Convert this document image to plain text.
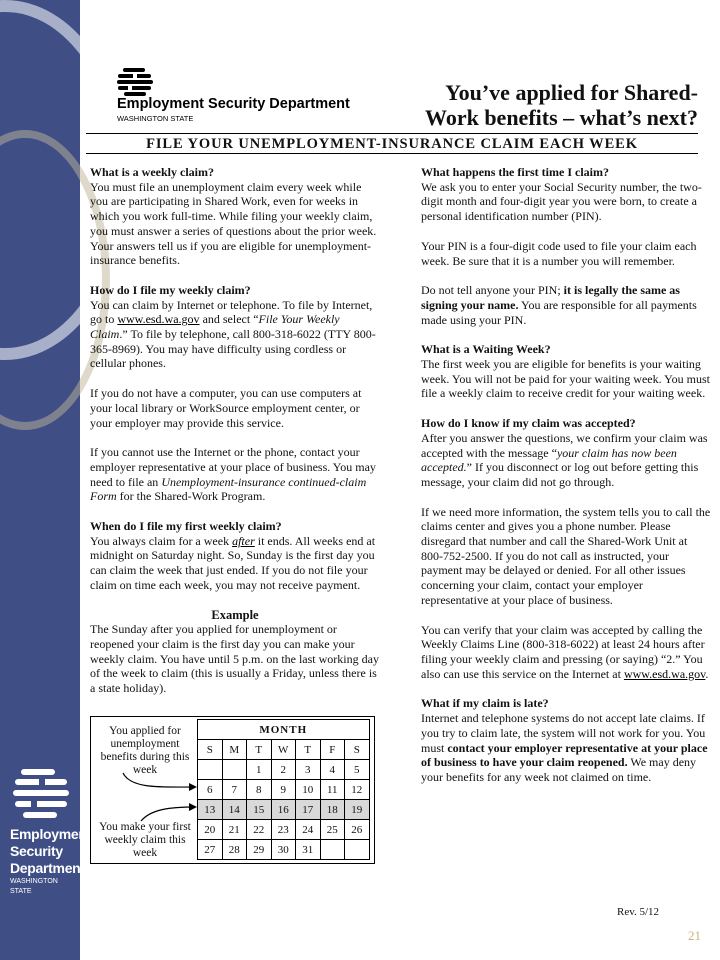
Employment
Security
Department
WASHINGTON STATE
Employment Security Department
WASHINGTON STATE
You’ve applied for Shared-
Work benefits – what’s next?
FILE YOUR UNEMPLOYMENT-INSURANCE CLAIM EACH WEEK
What is a weekly claim?

You must file an unemployment claim every week while you are participating in Shared Work, even for weeks in which you work full-time. While filing your weekly claim, you must answer a series of questions about the prior week. Your answers tell us if you are eligible for unemployment-insurance benefits.

How do I file my weekly claim?

You can claim by Internet or telephone. To file by Internet, go to www.esd.wa.gov and select “File Your Weekly Claim.” To file by telephone, call 800-318-6022 (TTY 800-365-8969). You may have difficulty using cordless or cellular phones.

If you do not have a computer, you can use computers at your local library or WorkSource employment center, or your employer may provide this service.

If you cannot use the Internet or the phone, contact your employer representative at your place of business. You may need to file an Unemployment-insurance continued-claim Form for the Shared-Work Program.

When do I file my first weekly claim?

You always claim for a week after it ends. All weeks end at midnight on Saturday night. So, Sunday is the first day you can claim the week that just ended. If you do not file your claim on time each week, you may not receive payment.

Example

The Sunday after you applied for unemployment or reopened your claim is the first day you can make your weekly claim. You have until 5 p.m. on the last working day of the week to claim (this is usually a Friday, unless there is a state holiday).

You applied for unemployment benefits during this week
You make your first weekly claim this week
MONTH						
S	M	T	W	T	F	S
		1	2	3	4	5
6	7	8	9	10	11	12
13	14	15	16	17	18	19
20	21	22	23	24	25	26
27	28	29	30	31		
What happens the first time I claim?

We ask you to enter your Social Security number, the two-digit month and four-digit year you were born, to create a personal identification number (PIN).

Your PIN is a four-digit code used to file your claim each week. Be sure that it is a number you will remember.

Do not tell anyone your PIN; it is legally the same as signing your name. You are responsible for all payments made using your PIN.

What is a Waiting Week?

The first week you are eligible for benefits is your waiting week. You will not be paid for your waiting week. You must file a weekly claim to receive credit for your waiting week.

How do I know if my claim was accepted?

After you answer the questions, we confirm your claim was accepted with the message “your claim has now been accepted.” If you disconnect or log out before getting this message, your claim did not go through.

If we need more information, the system tells you to call the claims center and gives you a phone number. Please disregard that number and call the Shared-Work Unit at 800-752-2500. If you do not call as instructed, your payment may be delayed or denied. For all other issues concerning your claim, contact your employer representative at your place of business.

You can verify that your claim was accepted by calling the Weekly Claims Line (800-318-6022) at least 24 hours after filing your weekly claim and pressing (or saying) “2.” You also can use this service on the Internet at www.esd.wa.gov.

What if my claim is late?

Internet and telephone systems do not accept late claims. If you try to claim late, the system will not work for you. You must contact your employer representative at your place of business to have your claim reopened. We may deny your benefits for any week not claimed on time.

Rev. 5/12
21
